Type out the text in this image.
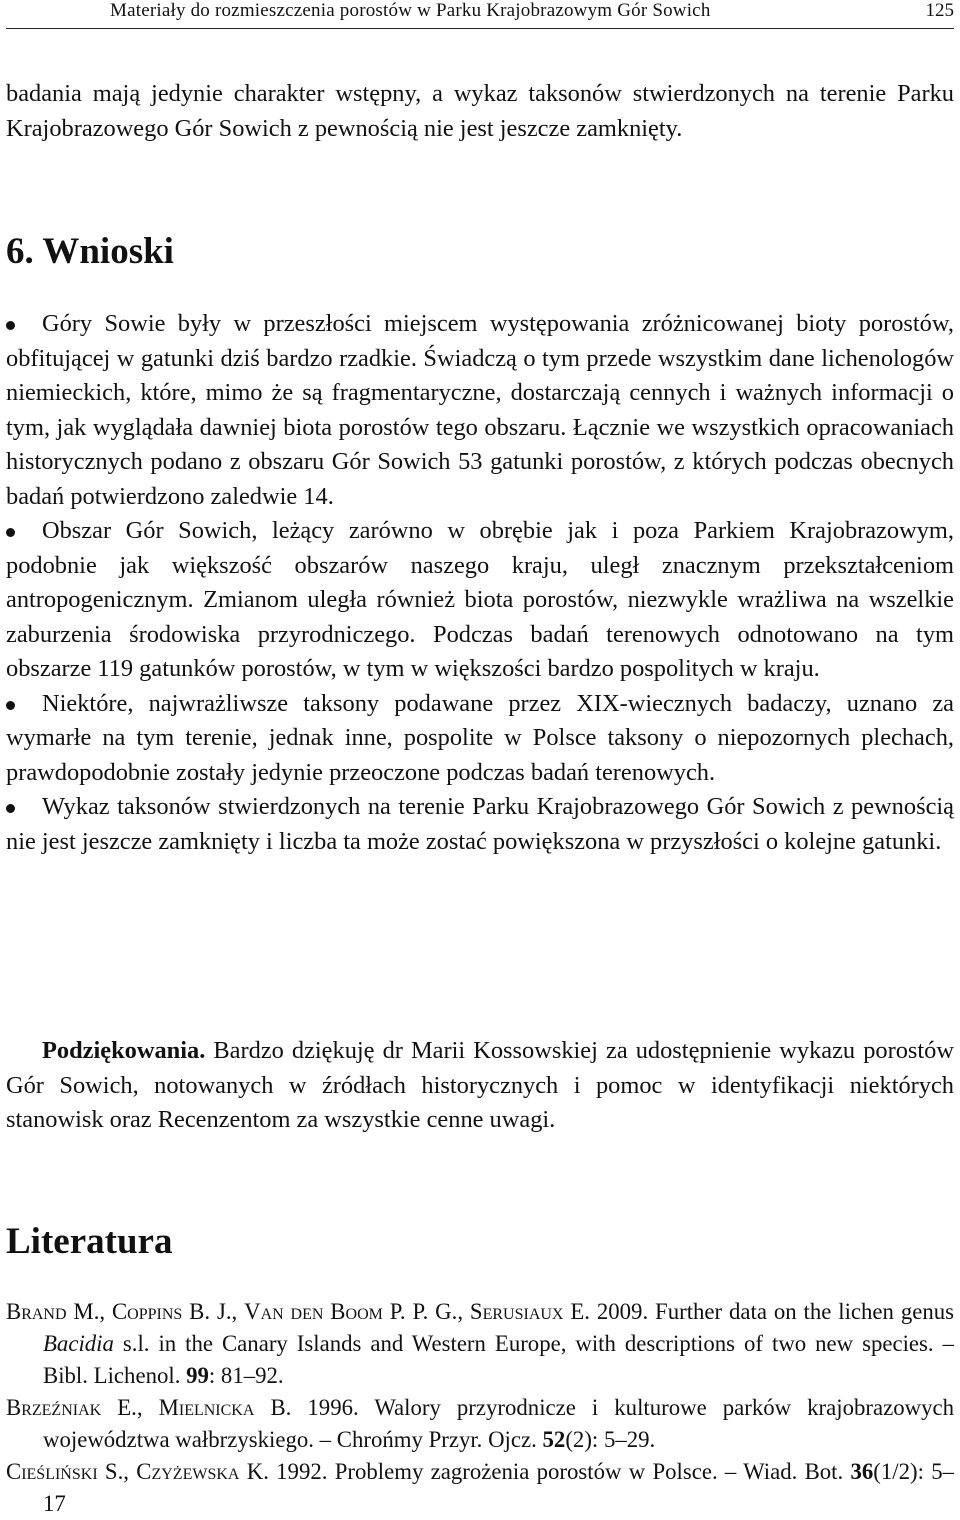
Materiały do rozmieszczenia porostów w Parku Krajobrazowym Gór Sowich	125

badania mają jedynie charakter wstępny, a wykaz taksonów stwierdzonych na terenie Parku Krajobrazowego Gór Sowich z pewnością nie jest jeszcze zamknięty.

6. Wnioski
Góry Sowie były w przeszłości miejscem występowania zróżnicowanej bioty porostów, obfitującej w gatunki dziś bardzo rzadkie. Świadczą o tym przede wszystkim dane lichenologów niemieckich, które, mimo że są fragmentaryczne, dostarczają cennych i ważnych informacji o tym, jak wyglądała dawniej biota porostów tego obszaru. Łącznie we wszystkich opracowaniach historycznych podano z obszaru Gór Sowich 53 gatunki porostów, z których podczas obecnych badań potwierdzono zaledwie 14.
Obszar Gór Sowich, leżący zarówno w obrębie jak i poza Parkiem Krajobrazowym, podobnie jak większość obszarów naszego kraju, uległ znacznym przekształceniom antropogenicznym. Zmianom uległa również biota porostów, niezwykle wrażliwa na wszelkie zaburzenia środowiska przyrodniczego. Podczas badań terenowych odnotowano na tym obszarze 119 gatunków porostów, w tym w większości bardzo pospolitych w kraju.
Niektóre, najwrażliwsze taksony podawane przez XIX-wiecznych badaczy, uznano za wymarłe na tym terenie, jednak inne, pospolite w Polsce taksony o niepozornych plechach, prawdopodobnie zostały jedynie przeoczone podczas badań terenowych.
Wykaz taksonów stwierdzonych na terenie Parku Krajobrazowego Gór Sowich z pewnością nie jest jeszcze zamknięty i liczba ta może zostać powiększona w przyszłości o kolejne gatunki.

Podziękowania. Bardzo dziękuję dr Marii Kossowskiej za udostępnienie wykazu porostów Gór Sowich, notowanych w źródłach historycznych i pomoc w identyfikacji niektórych stanowisk oraz Recenzentom za wszystkie cenne uwagi.

Literatura
Brand M., Coppins B. J., Van den Boom P. P. G., Serusiaux E. 2009. Further data on the lichen genus Bacidia s.l. in the Canary Islands and Western Europe, with descriptions of two new species. – Bibl. Lichenol. 99: 81–92.
Brzeźniak E., Mielnicka B. 1996. Walory przyrodnicze i kulturowe parków krajobrazowych województwa wałbrzyskiego. – Chrońmy Przyr. Ojcz. 52(2): 5–29.
Cieśliński S., Czyżewska K. 1992. Problemy zagrożenia porostów w Polsce. – Wiad. Bot. 36(1/2): 5–17
